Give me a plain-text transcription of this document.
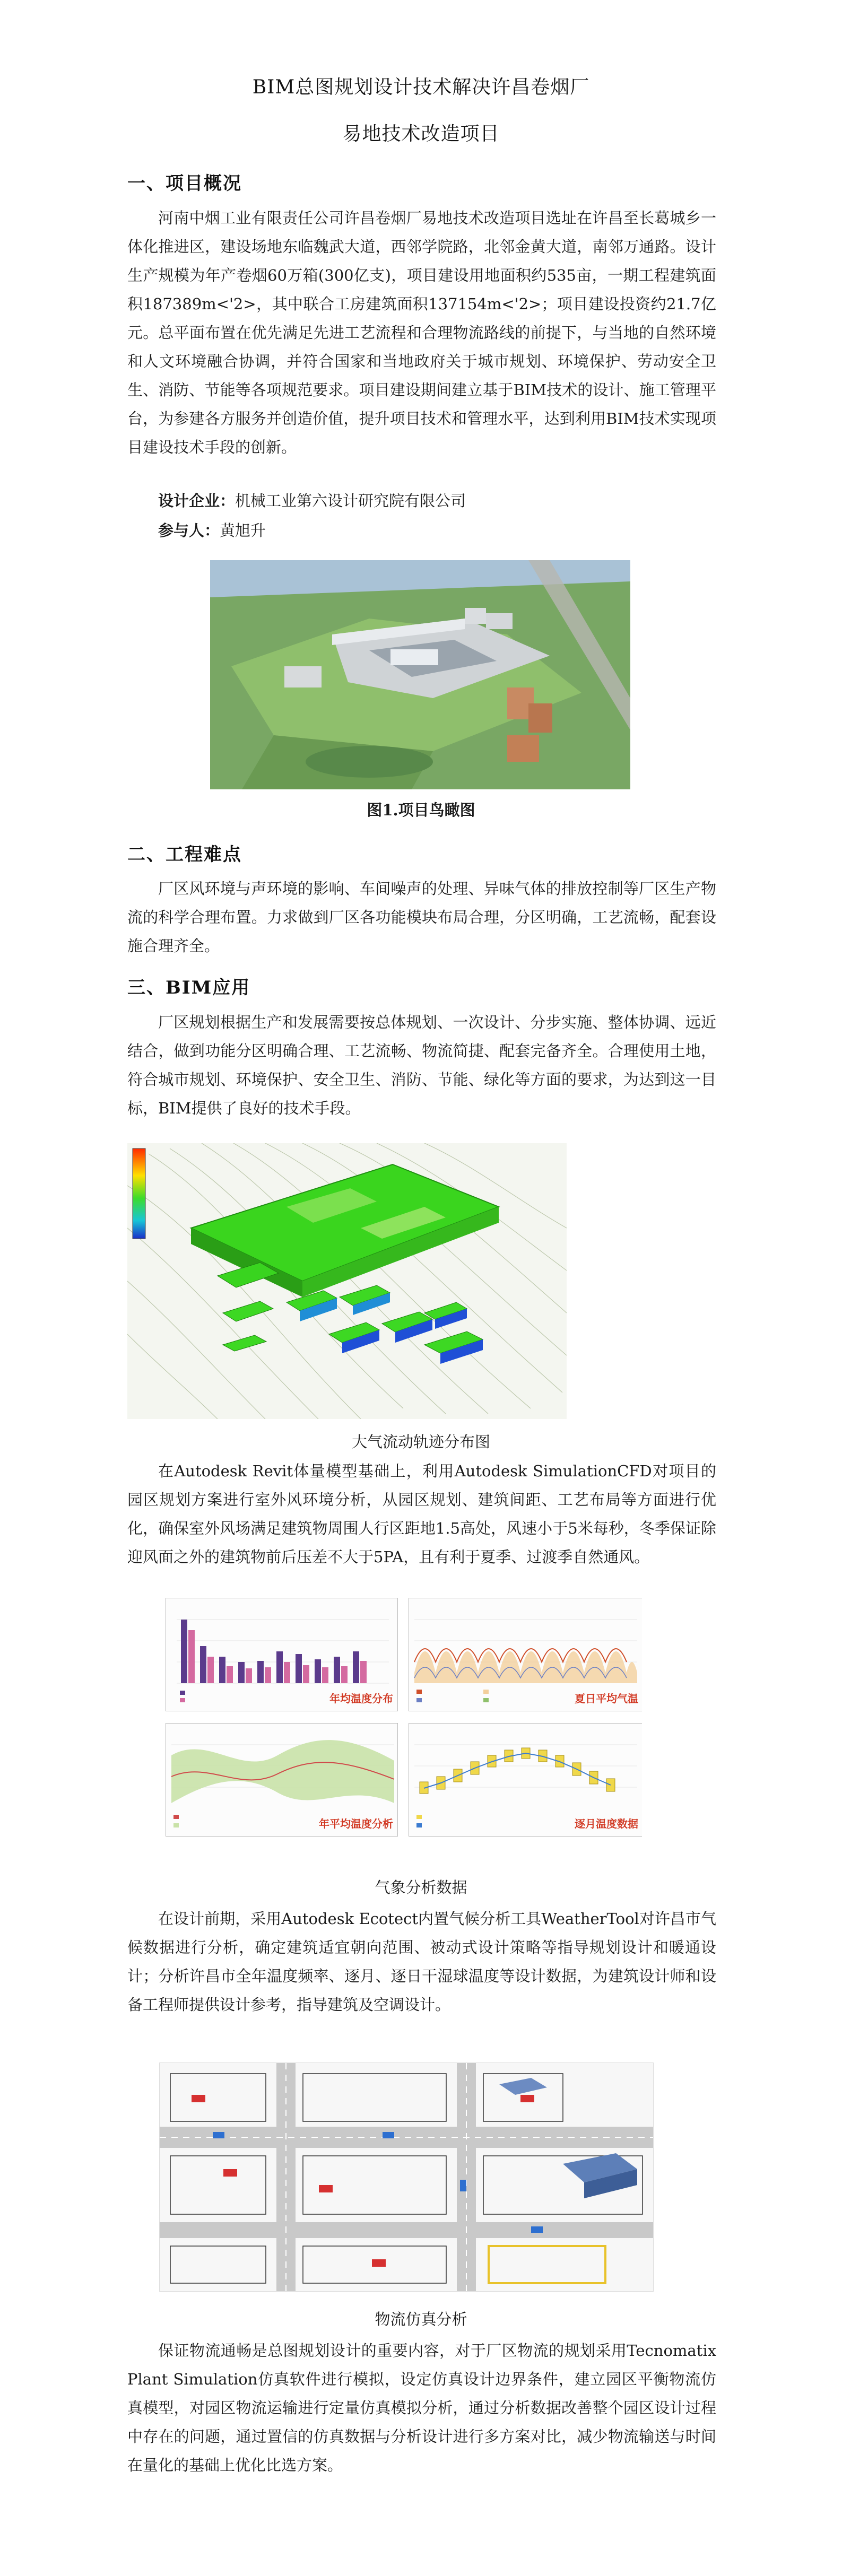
BIM总图规划设计技术解决许昌卷烟厂
易地技术改造项目
一、项目概况
河南中烟工业有限责任公司许昌卷烟厂易地技术改造项目选址在许昌至长葛城乡一体化推进区，建设场地东临魏武大道，西邻学院路，北邻金黄大道，南邻万通路。设计生产规模为年产卷烟60万箱(300亿支)，项目建设用地面积约535亩，一期工程建筑面积187389m<'2>，其中联合工房建筑面积137154m<'2>；项目建设投资约21.7亿元。总平面布置在优先满足先进工艺流程和合理物流路线的前提下，与当地的自然环境和人文环境融合协调，并符合国家和当地政府关于城市规划、环境保护、劳动安全卫生、消防、节能等各项规范要求。项目建设期间建立基于BIM技术的设计、施工管理平台，为参建各方服务并创造价值，提升项目技术和管理水平，达到利用BIM技术实现项目建设技术手段的创新。
设计企业：机械工业第六设计研究院有限公司
参与人：黄旭升
图1.项目鸟瞰图
二、工程难点
厂区风环境与声环境的影响、车间噪声的处理、异味气体的排放控制等厂区生产物流的科学合理布置。力求做到厂区各功能模块布局合理，分区明确，工艺流畅，配套设施合理齐全。
三、BIM应用
厂区规划根据生产和发展需要按总体规划、一次设计、分步实施、整体协调、远近结合，做到功能分区明确合理、工艺流畅、物流简捷、配套完备齐全。合理使用土地，符合城市规划、环境保护、安全卫生、消防、节能、绿化等方面的要求，为达到这一目标，BIM提供了良好的技术手段。
大气流动轨迹分布图
在Autodesk Revit体量模型基础上，利用Autodesk SimulationCFD对项目的园区规划方案进行室外风环境分析，从园区规划、建筑间距、工艺布局等方面进行优化，确保室外风场满足建筑物周围人行区距地1.5高处，风速小于5米每秒，冬季保证除迎风面之外的建筑物前后压差不大于5PA，且有利于夏季、过渡季自然通风。
年均温度分布	夏日平均气温
年平均温度分析	逐月温度数据
气象分析数据
在设计前期，采用Autodesk Ecotect内置气候分析工具WeatherTool对许昌市气候数据进行分析，确定建筑适宜朝向范围、被动式设计策略等指导规划设计和暖通设计；分析许昌市全年温度频率、逐月、逐日干湿球温度等设计数据，为建筑设计师和设备工程师提供设计参考，指导建筑及空调设计。
物流仿真分析
保证物流通畅是总图规划设计的重要内容，对于厂区物流的规划采用Tecnomatix Plant Simulation仿真软件进行模拟，设定仿真设计边界条件，建立园区平衡物流仿真模型，对园区物流运输进行定量仿真模拟分析，通过分析数据改善整个园区设计过程中存在的问题，通过置信的仿真数据与分析设计进行多方案对比，减少物流输送与时间在量化的基础上优化比选方案。
